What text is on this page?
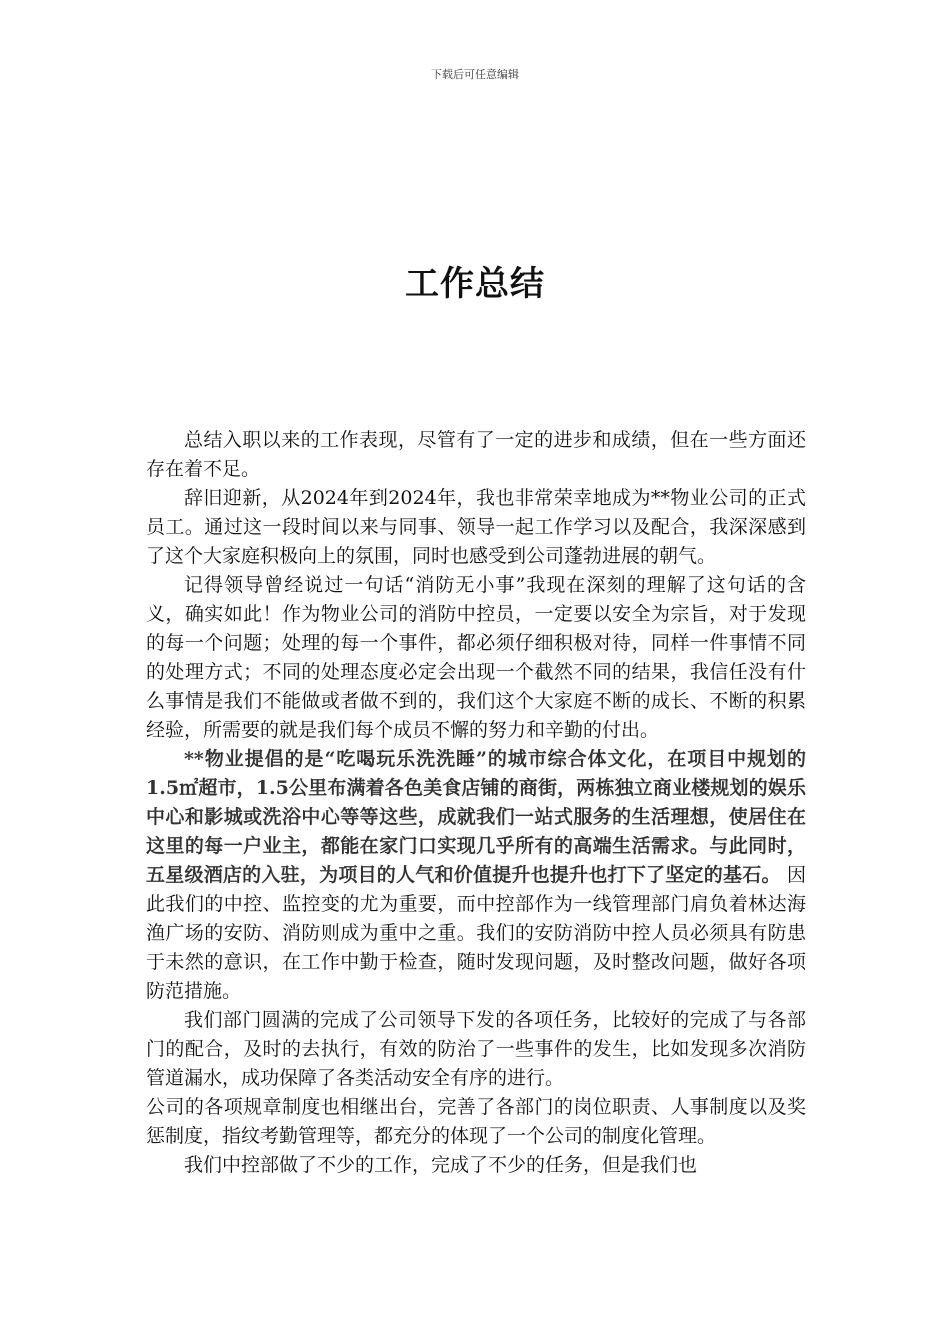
下载后可任意编辑
工作总结

总结入职以来的工作表现，尽管有了一定的进步和成绩，但在一些方面还存在着不足。

辞旧迎新，从2024年到2024年，我也非常荣幸地成为**物业公司的正式员工。通过这一段时间以来与同事、领导一起工作学习以及配合，我深深感到了这个大家庭积极向上的氛围，同时也感受到公司蓬勃进展的朝气。

记得领导曾经说过一句话“消防无小事”我现在深刻的理解了这句话的含义，确实如此！作为物业公司的消防中控员，一定要以安全为宗旨，对于发现的每一个问题；处理的每一个事件，都必须仔细积极对待，同样一件事情不同的处理方式；不同的处理态度必定会出现一个截然不同的结果，我信任没有什么事情是我们不能做或者做不到的，我们这个大家庭不断的成长、不断的积累经验，所需要的就是我们每个成员不懈的努力和辛勤的付出。

**物业提倡的是“吃喝玩乐洗洗睡”的城市综合体文化，在项目中规划的1.5㎡超市，1.5公里布满着各色美食店铺的商街，两栋独立商业楼规划的娱乐中心和影城或洗浴中心等等这些，成就我们一站式服务的生活理想，使居住在这里的每一户业主，都能在家门口实现几乎所有的高端生活需求。与此同时，五星级酒店的入驻，为项目的人气和价值提升也提升也打下了坚定的基石。 因此我们的中控、监控变的尤为重要，而中控部作为一线管理部门肩负着林达海渔广场的安防、消防则成为重中之重。我们的安防消防中控人员必须具有防患于未然的意识，在工作中勤于检查，随时发现问题，及时整改问题，做好各项防范措施。

我们部门圆满的完成了公司领导下发的各项任务，比较好的完成了与各部门的配合，及时的去执行，有效的防治了一些事件的发生，比如发现多次消防管道漏水，成功保障了各类活动安全有序的进行。

公司的各项规章制度也相继出台，完善了各部门的岗位职责、人事制度以及奖惩制度，指纹考勤管理等，都充分的体现了一个公司的制度化管理。

我们中控部做了不少的工作，完成了不少的任务，但是我们也
